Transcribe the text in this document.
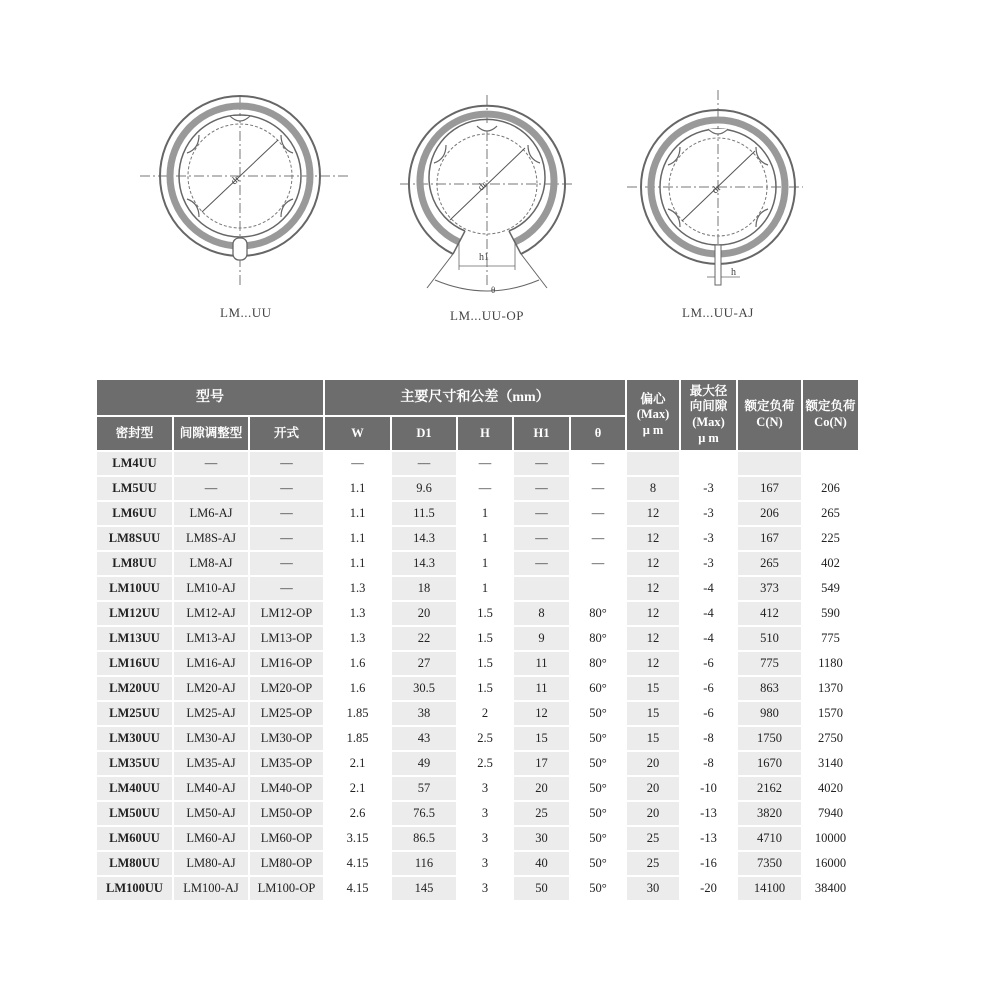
dr
LM...UU
h1
θ
dr
LM...UU-OP
h
dr
LM...UU-AJ
型号			主要尺寸和公差（mm）					偏心
(Max)
μ m	最大径
向间隙
(Max)
μ m	额定负荷
C(N)	额定负荷
Co(N)
密封型	间隙调整型	开式	W	D1	H	H1	θ				
LM4UU	—	—	—	—	—	—	—				
LM5UU	—	—	1.1	9.6	—	—	—	8	-3	167	206
LM6UU	LM6-AJ	—	1.1	11.5	1	—	—	12	-3	206	265
LM8SUU	LM8S-AJ	—	1.1	14.3	1	—	—	12	-3	167	225
LM8UU	LM8-AJ	—	1.1	14.3	1	—	—	12	-3	265	402
LM10UU	LM10-AJ	—	1.3	18	1			12	-4	373	549
LM12UU	LM12-AJ	LM12-OP	1.3	20	1.5	8	80°	12	-4	412	590
LM13UU	LM13-AJ	LM13-OP	1.3	22	1.5	9	80°	12	-4	510	775
LM16UU	LM16-AJ	LM16-OP	1.6	27	1.5	11	80°	12	-6	775	1180
LM20UU	LM20-AJ	LM20-OP	1.6	30.5	1.5	11	60°	15	-6	863	1370
LM25UU	LM25-AJ	LM25-OP	1.85	38	2	12	50°	15	-6	980	1570
LM30UU	LM30-AJ	LM30-OP	1.85	43	2.5	15	50°	15	-8	1750	2750
LM35UU	LM35-AJ	LM35-OP	2.1	49	2.5	17	50°	20	-8	1670	3140
LM40UU	LM40-AJ	LM40-OP	2.1	57	3	20	50°	20	-10	2162	4020
LM50UU	LM50-AJ	LM50-OP	2.6	76.5	3	25	50°	20	-13	3820	7940
LM60UU	LM60-AJ	LM60-OP	3.15	86.5	3	30	50°	25	-13	4710	10000
LM80UU	LM80-AJ	LM80-OP	4.15	116	3	40	50°	25	-16	7350	16000
LM100UU	LM100-AJ	LM100-OP	4.15	145	3	50	50°	30	-20	14100	38400
